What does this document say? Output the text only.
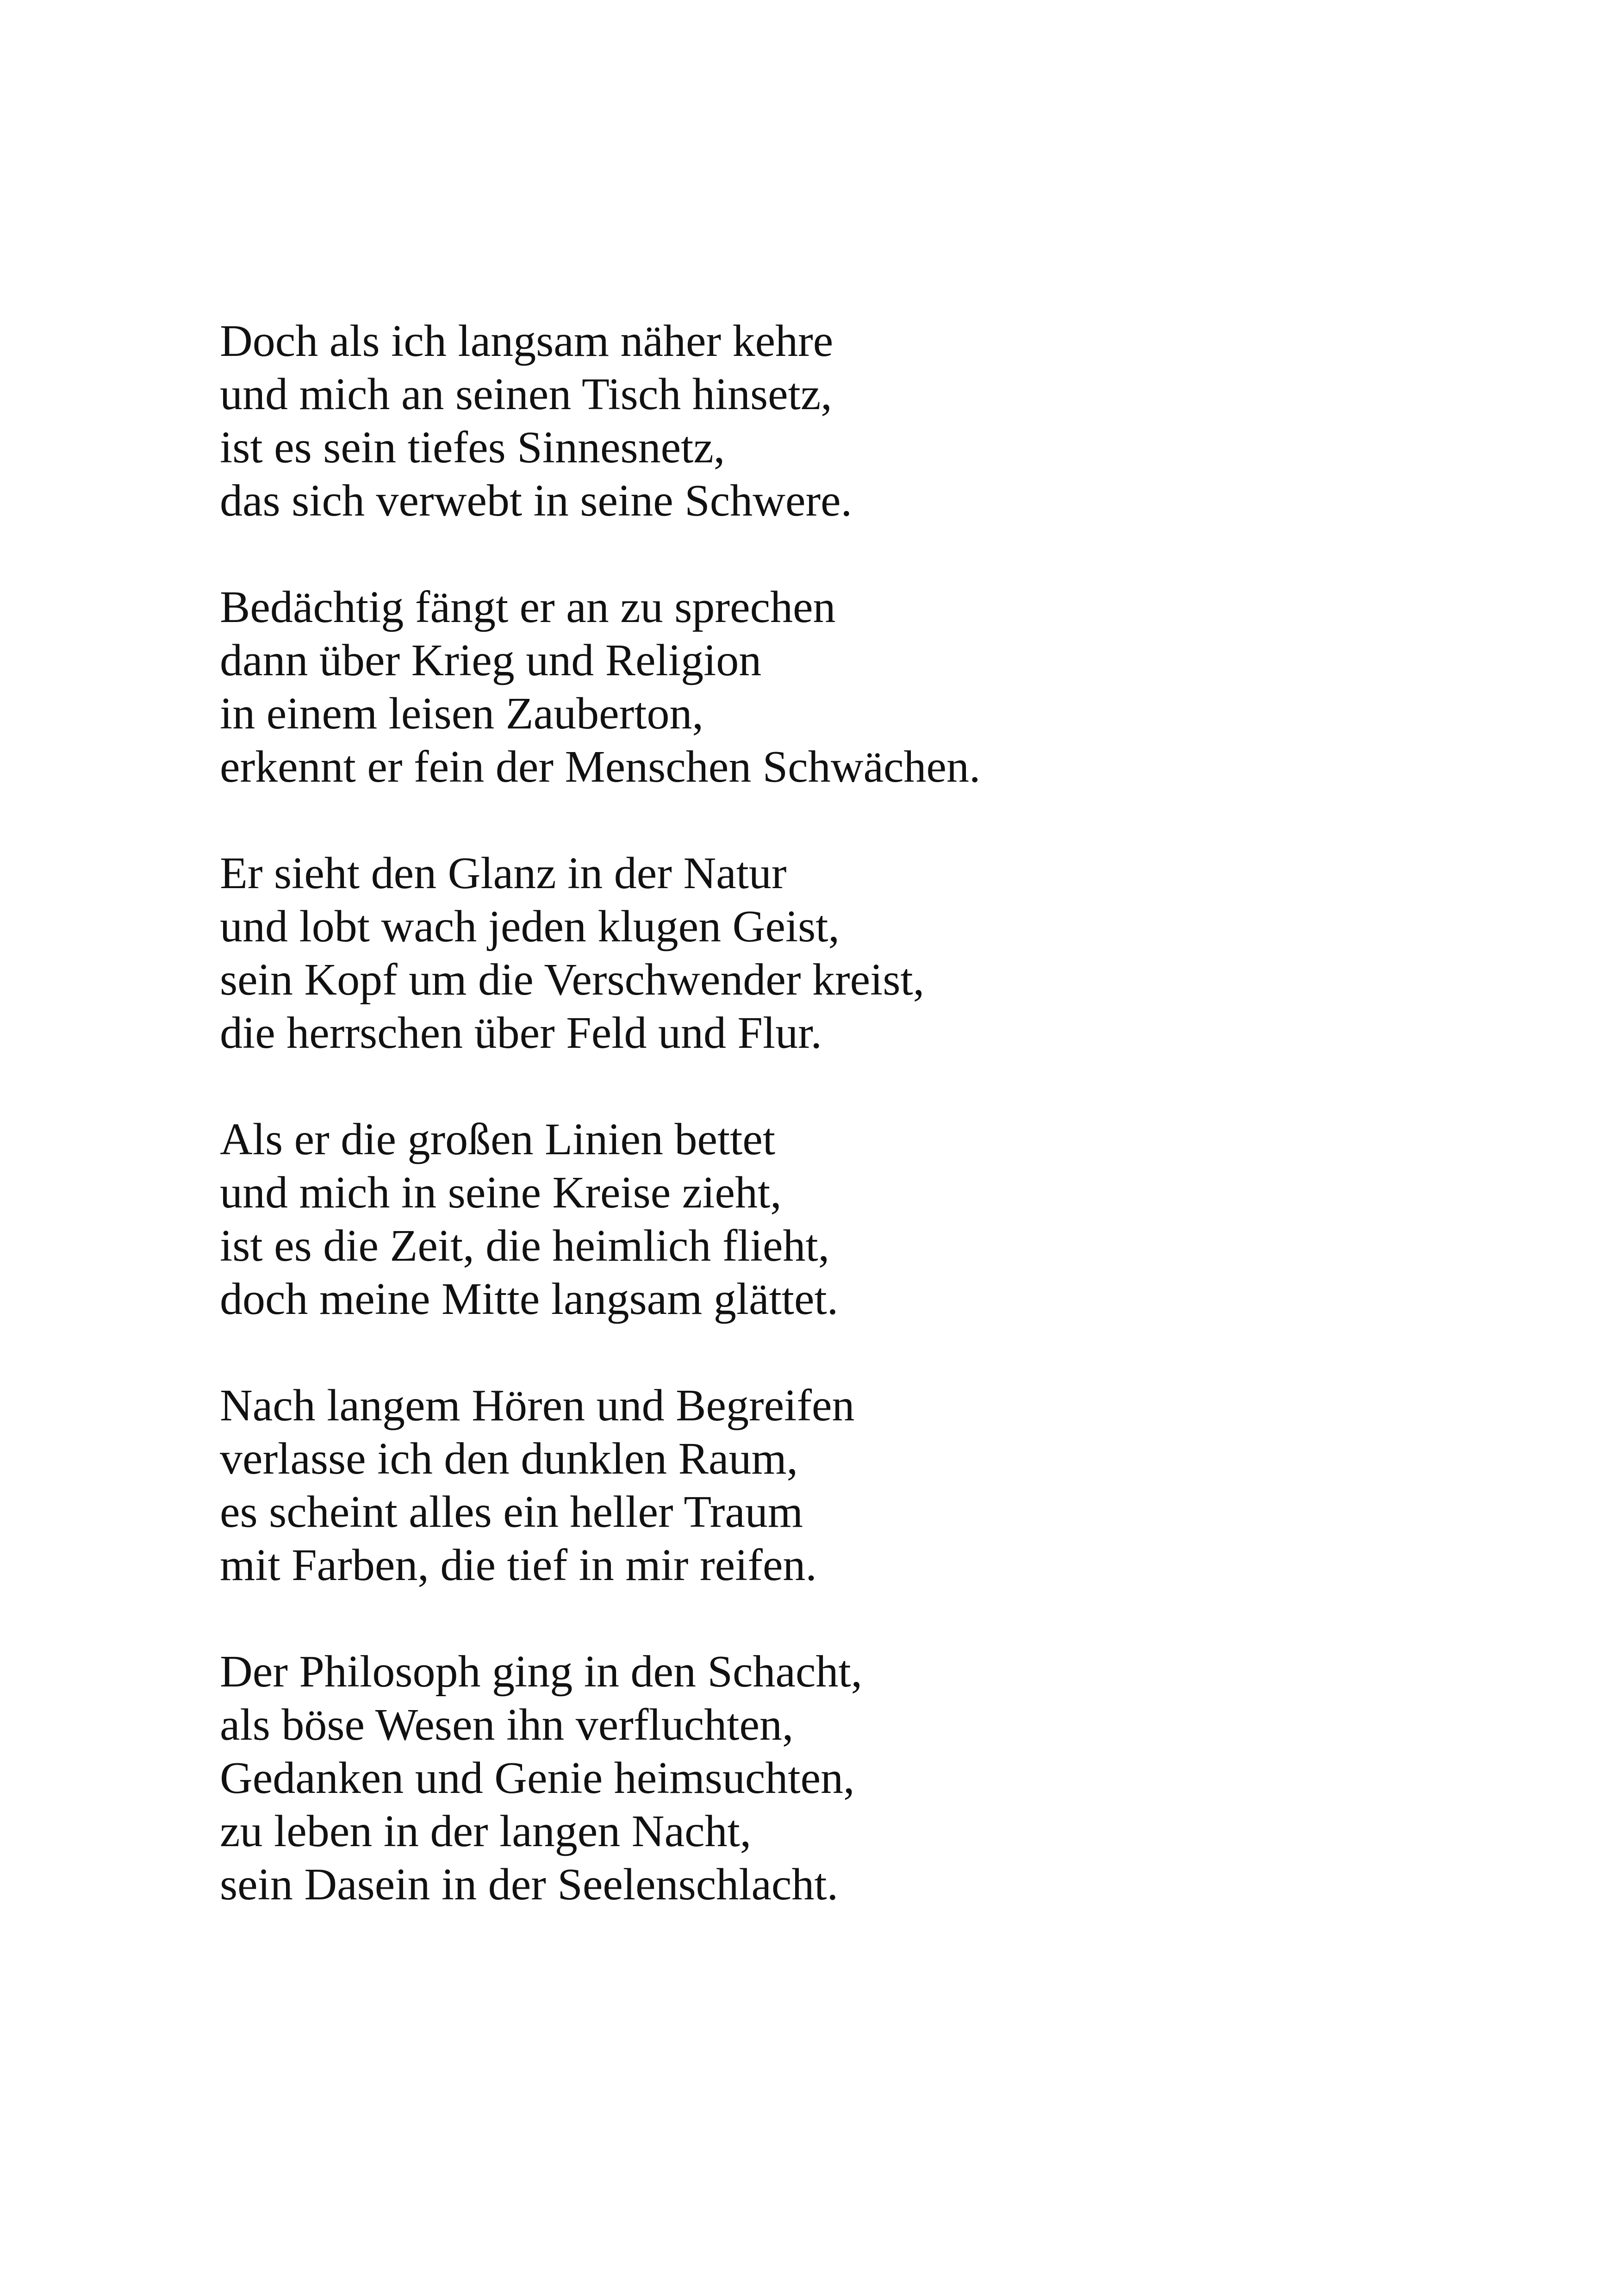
Doch als ich langsam näher kehre
und mich an seinen Tisch hinsetz,
ist es sein tiefes Sinnesnetz,
das sich verwebt in seine Schwere.
Bedächtig fängt er an zu sprechen
dann über Krieg und Religion
in einem leisen Zauberton,
erkennt er fein der Menschen Schwächen.
Er sieht den Glanz in der Natur
und lobt wach jeden klugen Geist,
sein Kopf um die Verschwender kreist,
die herrschen über Feld und Flur.
Als er die großen Linien bettet
und mich in seine Kreise zieht,
ist es die Zeit, die heimlich flieht,
doch meine Mitte langsam glättet.
Nach langem Hören und Begreifen
verlasse ich den dunklen Raum,
es scheint alles ein heller Traum
mit Farben, die tief in mir reifen.
Der Philosoph ging in den Schacht,
als böse Wesen ihn verfluchten,
Gedanken und Genie heimsuchten,
zu leben in der langen Nacht,
sein Dasein in der Seelenschlacht.
